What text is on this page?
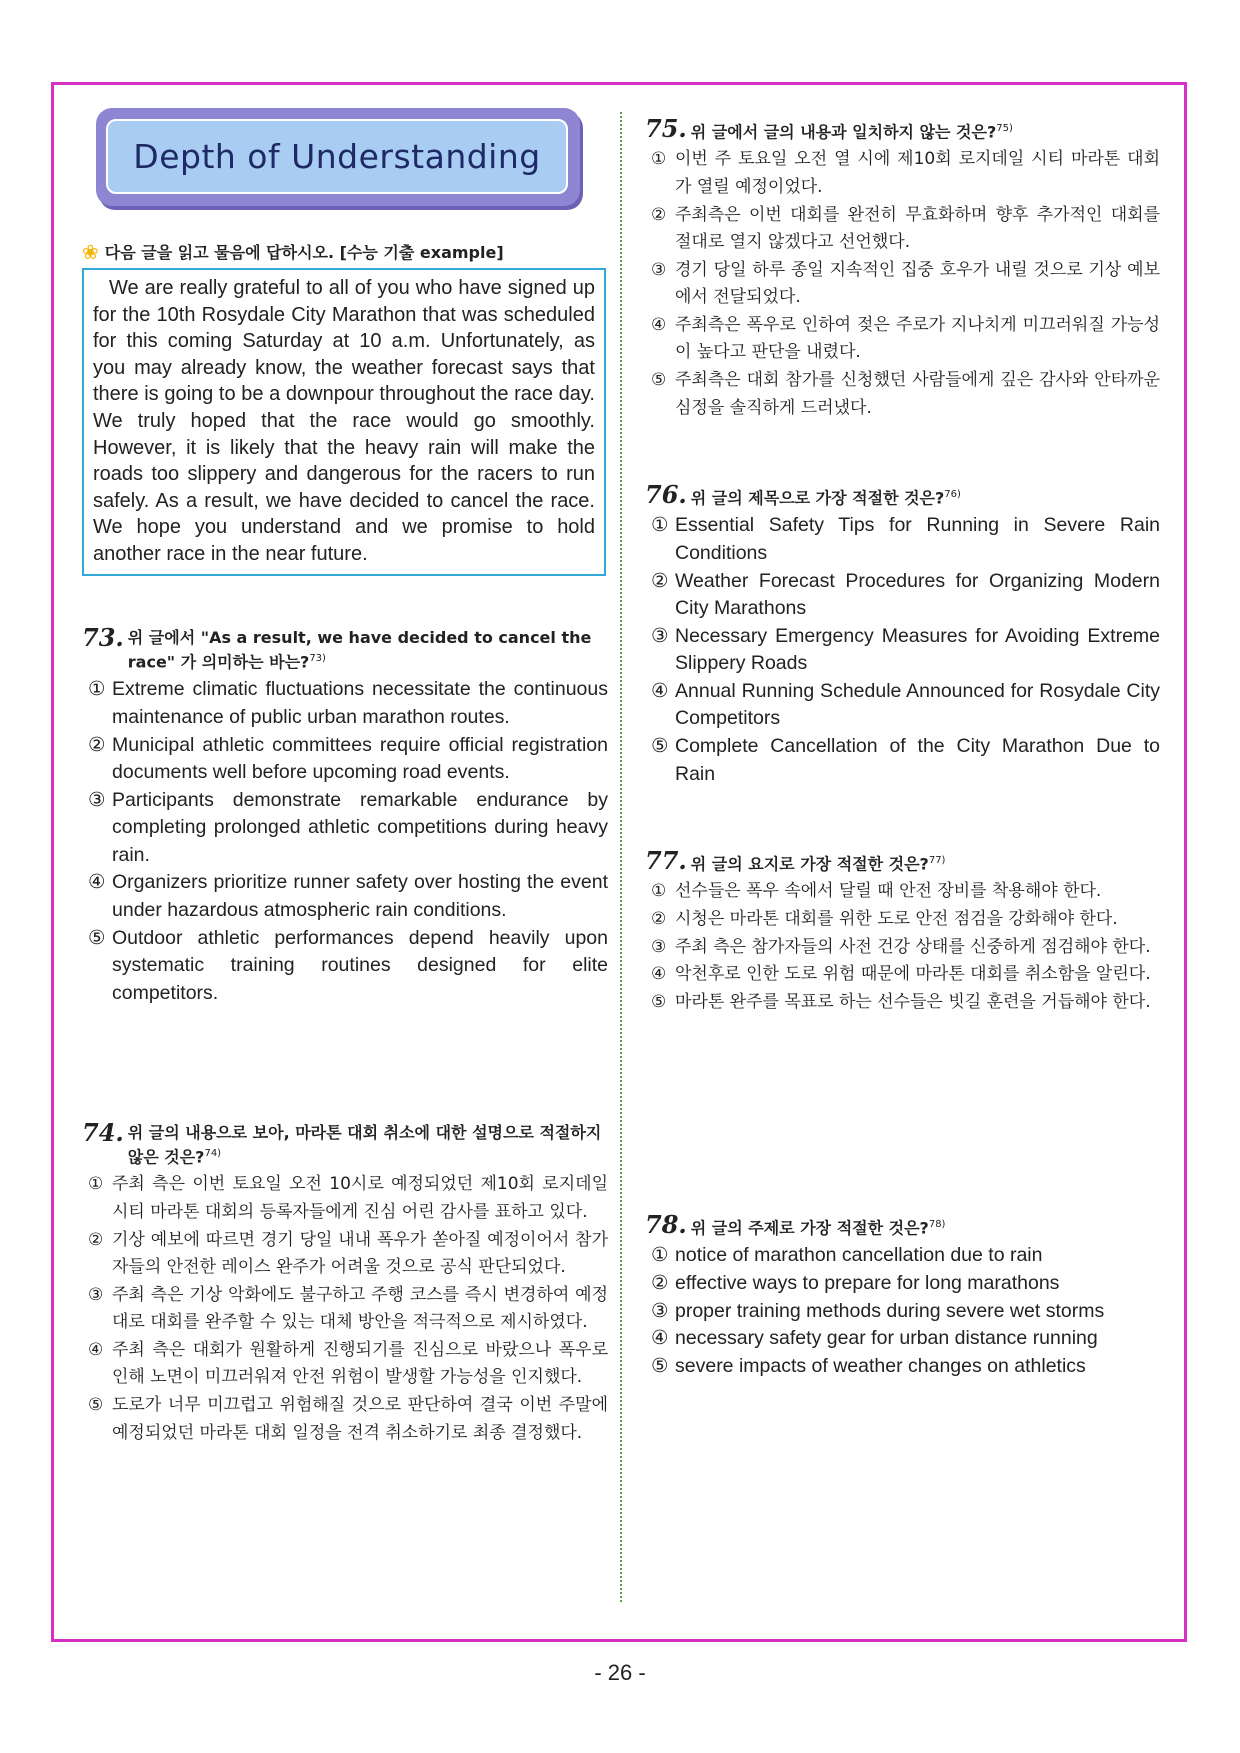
Depth of Understanding
❀ 다음 글을 읽고 물음에 답하시오. [수능 기출 example]
We are really grateful to all of you who have signed up for the 10th Rosydale City Marathon that was scheduled for this coming Saturday at 10 a.m. Unfortunately, as you may already know, the weather forecast says that there is going to be a downpour throughout the race day. We truly hoped that the race would go smoothly. However, it is likely that the heavy rain will make the roads too slippery and dangerous for the racers to run safely. As a result, we have decided to cancel the race. We hope you understand and we promise to hold another race in the near future.
73. 위 글에서 "As a result, we have decided to cancel the race" 가 의미하는 바는?$^{73)}$
① Extreme climatic fluctuations necessitate the continuous maintenance of public urban marathon routes.
② Municipal athletic committees require official registration documents well before upcoming road events.
③ Participants demonstrate remarkable endurance by completing prolonged athletic competitions during heavy rain.
④ Organizers prioritize runner safety over hosting the event under hazardous atmospheric rain conditions.
⑤ Outdoor athletic performances depend heavily upon systematic training routines designed for elite competitors.
74. 위 글의 내용으로 보아, 마라톤 대회 취소에 대한 설명으로 적절하지 않은 것은?$^{74)}$
① 주최 측은 이번 토요일 오전 10시로 예정되었던 제10회 로지데일 시티 마라톤 대회의 등록자들에게 진심 어린 감사를 표하고 있다.
② 기상 예보에 따르면 경기 당일 내내 폭우가 쏟아질 예정이어서 참가자들의 안전한 레이스 완주가 어려울 것으로 공식 판단되었다.
③ 주최 측은 기상 악화에도 불구하고 주행 코스를 즉시 변경하여 예정대로 대회를 완주할 수 있는 대체 방안을 적극적으로 제시하였다.
④ 주최 측은 대회가 원활하게 진행되기를 진심으로 바랐으나 폭우로 인해 노면이 미끄러워져 안전 위험이 발생할 가능성을 인지했다.
⑤ 도로가 너무 미끄럽고 위험해질 것으로 판단하여 결국 이번 주말에 예정되었던 마라톤 대회 일정을 전격 취소하기로 최종 결정했다.
75. 위 글에서 글의 내용과 일치하지 않는 것은?$^{75)}$
① 이번 주 토요일 오전 열 시에 제10회 로지데일 시티 마라톤 대회가 열릴 예정이었다.
② 주최측은 이번 대회를 완전히 무효화하며 향후 추가적인 대회를 절대로 열지 않겠다고 선언했다.
③ 경기 당일 하루 종일 지속적인 집중 호우가 내릴 것으로 기상 예보에서 전달되었다.
④ 주최측은 폭우로 인하여 젖은 주로가 지나치게 미끄러워질 가능성이 높다고 판단을 내렸다.
⑤ 주최측은 대회 참가를 신청했던 사람들에게 깊은 감사와 안타까운 심정을 솔직하게 드러냈다.
76. 위 글의 제목으로 가장 적절한 것은?$^{76)}$
① Essential Safety Tips for Running in Severe Rain Conditions
② Weather Forecast Procedures for Organizing Modern City Marathons
③ Necessary Emergency Measures for Avoiding Extreme Slippery Roads
④ Annual Running Schedule Announced for Rosydale City Competitors
⑤ Complete Cancellation of the City Marathon Due to Rain
77. 위 글의 요지로 가장 적절한 것은?$^{77)}$
① 선수들은 폭우 속에서 달릴 때 안전 장비를 착용해야 한다.
② 시청은 마라톤 대회를 위한 도로 안전 점검을 강화해야 한다.
③ 주최 측은 참가자들의 사전 건강 상태를 신중하게 점검해야 한다.
④ 악천후로 인한 도로 위험 때문에 마라톤 대회를 취소함을 알린다.
⑤ 마라톤 완주를 목표로 하는 선수들은 빗길 훈련을 거듭해야 한다.
78. 위 글의 주제로 가장 적절한 것은?$^{78)}$
① notice of marathon cancellation due to rain
② effective ways to prepare for long marathons
③ proper training methods during severe wet storms
④ necessary safety gear for urban distance running
⑤ severe impacts of weather changes on athletics
- 26 -
